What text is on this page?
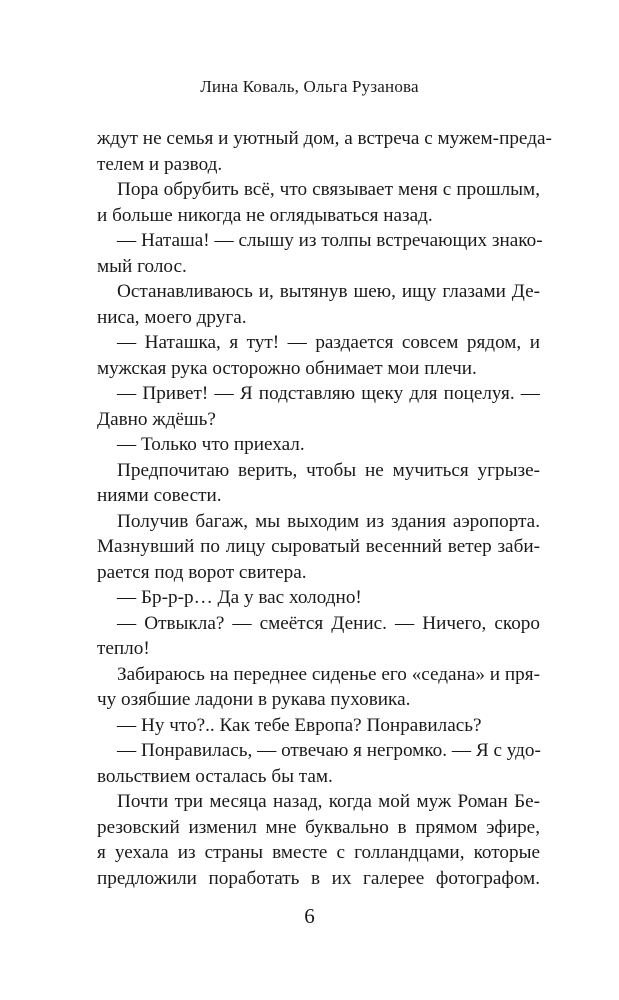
Лина Коваль, Ольга Рузанова
ждут не семья и уютный дом, а встреча с мужем-преда-
телем и развод.
Пора обрубить всё, что связывает меня с прошлым,
и больше никогда не оглядываться назад.
— Наташа! — слышу из толпы встречающих знако-
мый голос.
Останавливаюсь и, вытянув шею, ищу глазами Де-
ниса, моего друга.
— Наташка, я тут! — раздается совсем рядом, и
мужская рука осторожно обнимает мои плечи.
— Привет! — Я подставляю щеку для поцелуя. —
Давно ждёшь?
— Только что приехал.
Предпочитаю верить, чтобы не мучиться угрызе-
ниями совести.
Получив багаж, мы выходим из здания аэропорта.
Мазнувший по лицу сыроватый весенний ветер заби-
рается под ворот свитера.
— Бр-р-р… Да у вас холодно!
— Отвыкла? — смеётся Денис. — Ничего, скоро
тепло!
Забираюсь на переднее сиденье его «седана» и пря-
чу озябшие ладони в рукава пуховика.
— Ну что?.. Как тебе Европа? Понравилась?
— Понравилась, — отвечаю я негромко. — Я с удо-
вольствием осталась бы там.
Почти три месяца назад, когда мой муж Роман Бе-
резовский изменил мне буквально в прямом эфире,
я уехала из страны вместе с голландцами, которые
предложили поработать в их галерее фотографом.
6
